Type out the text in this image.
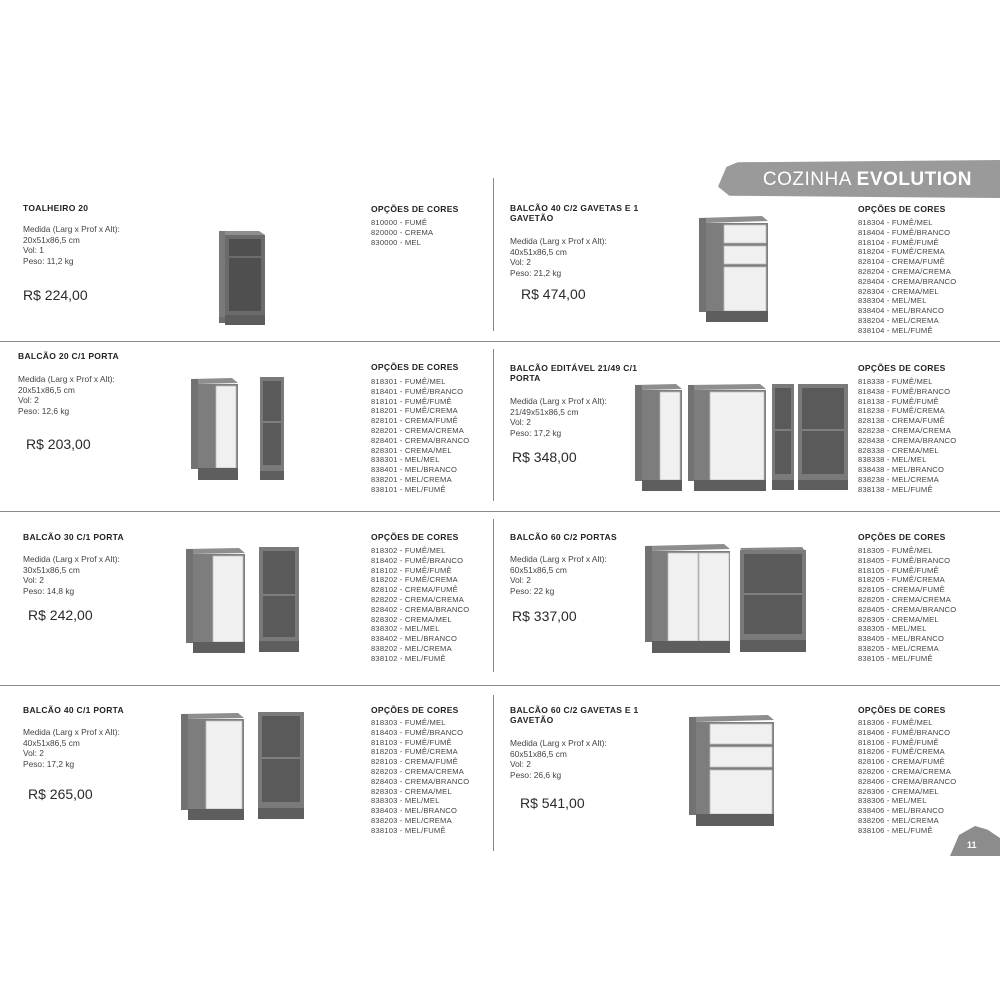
COZINHA EVOLUTION
TOALHEIRO 20
Medida (Larg x Prof x Alt):
20x51x86,5 cm
Vol: 1
Peso: 11,2 kg
R$ 224,00
OPÇÕES DE CORES
810000 - FUMÊ
820000 - CREMA
830000 - MEL
BALCÃO 40 C/2 GAVETAS E 1 GAVETÃO
Medida (Larg x Prof x Alt):
40x51x86,5 cm
Vol: 2
Peso: 21,2 kg
R$ 474,00
OPÇÕES DE CORES
818304 - FUMÊ/MEL
818404 - FUMÊ/BRANCO
818104 - FUMÊ/FUMÊ
818204 - FUMÊ/CREMA
828104 - CREMA/FUMÊ
828204 - CREMA/CREMA
828404 - CREMA/BRANCO
828304 - CREMA/MEL
838304 - MEL/MEL
838404 - MEL/BRANCO
838204 - MEL/CREMA
838104 - MEL/FUMÊ
BALCÃO 20 C/1 PORTA
Medida (Larg x Prof x Alt):
20x51x86,5 cm
Vol: 2
Peso: 12,6 kg
R$ 203,00
OPÇÕES DE CORES
818301 - FUMÊ/MEL
818401 - FUMÊ/BRANCO
818101 - FUMÊ/FUMÊ
818201 - FUMÊ/CREMA
828101 - CREMA/FUMÊ
828201 - CREMA/CREMA
828401 - CREMA/BRANCO
828301 - CREMA/MEL
838301 - MEL/MEL
838401 - MEL/BRANCO
838201 - MEL/CREMA
838101 - MEL/FUMÊ
BALCÃO EDITÁVEL 21/49 C/1 PORTA
Medida (Larg x Prof x Alt):
21/49x51x86,5 cm
Vol: 2
Peso: 17,2 kg
R$ 348,00
OPÇÕES DE CORES
818338 - FUMÊ/MEL
818438 - FUMÊ/BRANCO
818138 - FUMÊ/FUMÊ
818238 - FUMÊ/CREMA
828138 - CREMA/FUMÊ
828238 - CREMA/CREMA
828438 - CREMA/BRANCO
828338 - CREMA/MEL
838338 - MEL/MEL
838438 - MEL/BRANCO
838238 - MEL/CREMA
838138 - MEL/FUMÊ
BALCÃO 30 C/1 PORTA
Medida (Larg x Prof x Alt):
30x51x86,5 cm
Vol: 2
Peso: 14,8 kg
R$ 242,00
OPÇÕES DE CORES
818302 - FUMÊ/MEL
818402 - FUMÊ/BRANCO
818102 - FUMÊ/FUMÊ
818202 - FUMÊ/CREMA
828102 - CREMA/FUMÊ
828202 - CREMA/CREMA
828402 - CREMA/BRANCO
828302 - CREMA/MEL
838302 - MEL/MEL
838402 - MEL/BRANCO
838202 - MEL/CREMA
838102 - MEL/FUMÊ
BALCÃO 60 C/2 PORTAS
Medida (Larg x Prof x Alt):
60x51x86,5 cm
Vol: 2
Peso: 22 kg
R$ 337,00
OPÇÕES DE CORES
818305 - FUMÊ/MEL
818405 - FUMÊ/BRANCO
818105 - FUMÊ/FUMÊ
818205 - FUMÊ/CREMA
828105 - CREMA/FUMÊ
828205 - CREMA/CREMA
828405 - CREMA/BRANCO
828305 - CREMA/MEL
838305 - MEL/MEL
838405 - MEL/BRANCO
838205 - MEL/CREMA
838105 - MEL/FUMÊ
BALCÃO 40 C/1 PORTA
Medida (Larg x Prof x Alt):
40x51x86,5 cm
Vol: 2
Peso: 17,2 kg
R$ 265,00
OPÇÕES DE CORES
818303 - FUMÊ/MEL
818403 - FUMÊ/BRANCO
818103 - FUMÊ/FUMÊ
818203 - FUMÊ/CREMA
828103 - CREMA/FUMÊ
828203 - CREMA/CREMA
828403 - CREMA/BRANCO
828303 - CREMA/MEL
838303 - MEL/MEL
838403 - MEL/BRANCO
838203 - MEL/CREMA
838103 - MEL/FUMÊ
BALCÃO 60 C/2 GAVETAS E 1 GAVETÃO
Medida (Larg x Prof x Alt):
60x51x86,5 cm
Vol: 2
Peso: 26,6 kg
R$ 541,00
OPÇÕES DE CORES
818306 - FUMÊ/MEL
818406 - FUMÊ/BRANCO
818106 - FUMÊ/FUMÊ
818206 - FUMÊ/CREMA
828106 - CREMA/FUMÊ
828206 - CREMA/CREMA
828406 - CREMA/BRANCO
828306 - CREMA/MEL
838306 - MEL/MEL
838406 - MEL/BRANCO
838206 - MEL/CREMA
838106 - MEL/FUMÊ
11
